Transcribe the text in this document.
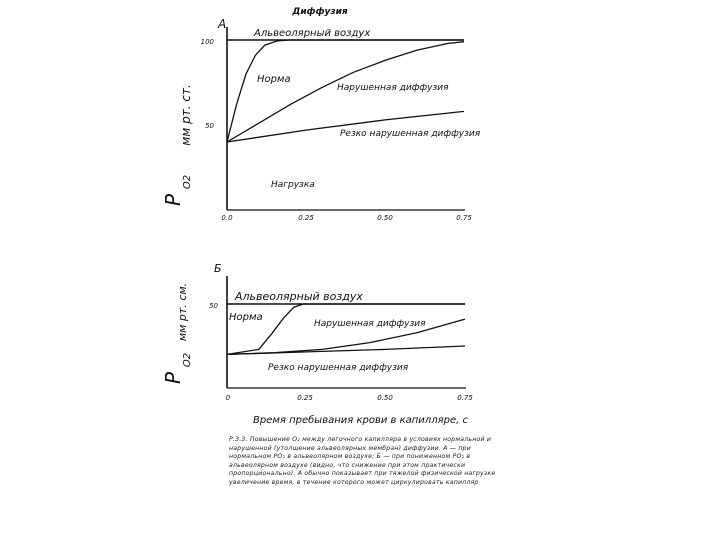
Диффузия
А
мм рт. ст.
P
O2
100
50
0.0	0.25	0.50	0.75
Альвеолярный воздух
Норма
Нарушенная диффузия
Резко нарушенная диффузия
Нагрузка
Б
мм рт. см.
P
O2
50
0	0.25	0.50	0.75
Альвеолярный воздух
Норма
Нарушенная диффузия
Резко нарушенная диффузия
Время пребывания крови в капилляре, с
Р.3.3. Повышение О₂ между легочного капилляра в условиях нормальной и нарушенной (утолщение альвеолярных мембран) диффузии. А — при нормальном РО₂ в альвеолярном воздухе; Б — при пониженном РО₂ в альвеолярном воздухе (видно, что снижение при этом практически пропорционально). А обычно показывает при тяжелой физической нагрузке увеличение время, в течение которого может циркулировать капилляр
